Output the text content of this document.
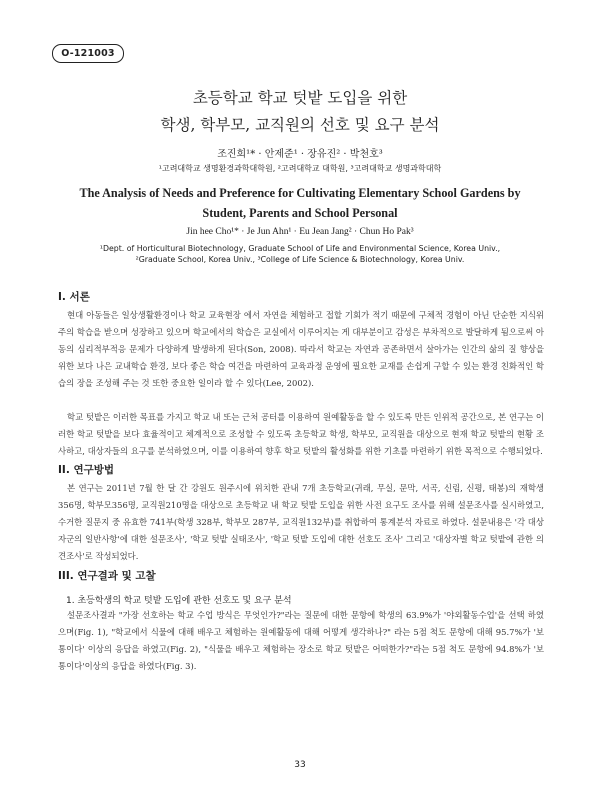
O-121003
초등학교 학교 텃밭 도입을 위한
학생, 학부모, 교직원의 선호 및 요구 분석
조진희¹* · 안제준¹ · 장유진² · 박천호³
¹고려대학교 생명환경과학대학원, ²고려대학교 대학원, ³고려대학교 생명과학대학
The Analysis of Needs and Preference for Cultivating Elementary School Gardens by
Student, Parents and School Personal
Jin hee Cho¹* · Je Jun Ahn¹ · Eu Jean Jang² · Chun Ho Pak³
¹Dept. of Horticultural Biotechnology, Graduate School of Life and Environmental Science, Korea Univ.,
²Graduate School, Korea Univ., ³College of Life Science & Biotechnology, Korea Univ.
I. 서론

현대 아동들은 일상생활환경이나 학교 교육현장 에서 자연을 체험하고 접할 기회가 적기 때문에 구체적 경험이 아닌 단순한 지식위주의 학습을 받으며 성장하고 있으며 학교에서의 학습은 교실에서 이루어지는 게 대부분이고 감성은 부차적으로 발달하게 됨으로써 아동의 심리적부적응 문제가 다양하게 발생하게 된다(Son, 2008). 따라서 학교는 자연과 공존하면서 살아가는 인간의 삶의 질 향상을 위한 보다 나은 교내학습 환경, 보다 좋은 학습 여건을 마련하여 교육과정 운영에 필요한 교재를 손쉽게 구할 수 있는 환경 친화적인 학습의 장을 조성해 주는 것 또한 중요한 일이라 할 수 있다(Lee, 2002).

학교 텃밭은 이러한 목표를 가지고 학교 내 또는 근처 공터를 이용하여 원예활동을 할 수 있도록 만든 인위적 공간으로, 본 연구는 이러한 학교 텃밭을 보다 효율적이고 체계적으로 조성할 수 있도록 초등학교 학생, 학부모, 교직원을 대상으로 현재 학교 텃밭의 현황 조사하고, 대상자들의 요구를 분석하였으며, 이를 이용하여 향후 학교 텃밭의 활성화를 위한 기초를 마련하기 위한 목적으로 수행되었다.

II. 연구방법

본 연구는 2011년 7월 한 달 간 강원도 원주시에 위치한 관내 7개 초등학교(귀래, 무실, 문막, 서곡, 신림, 신평, 태봉)의 재학생 356명, 학부모356명, 교직원210명을 대상으로 초등학교 내 학교 텃밭 도입을 위한 사전 요구도 조사를 위해 설문조사를 실시하였고, 수거한 질문지 중 유효한 741부(학생 328부, 학부모 287부, 교직원132부)를 취합하여 통계분석 자료로 하였다. 설문내용은 '각 대상자군의 일반사항'에 대한 설문조사', '학교 텃밭 실태조사', '학교 텃밭 도입에 대한 선호도 조사' 그리고 '대상자별 학교 텃밭에 관한 의견조사'로 작성되었다.

III. 연구결과 및 고찰
1. 초등학생의 학교 텃밭 도입에 관한 선호도 및 요구 분석

설문조사결과 "가장 선호하는 학교 수업 방식은 무엇인가?"라는 질문에 대한 문항에 학생의 63.9%가 '야외활동수업'을 선택 하였으며(Fig. 1), "학교에서 식물에 대해 배우고 체험하는 원예활동에 대해 어떻게 생각하나?" 라는 5점 척도 문항에 대해 95.7%가 '보통이다' 이상의 응답을 하였고(Fig. 2), "식물을 배우고 체험하는 장소로 학교 텃밭은 어떠한가?"라는 5점 척도 문항에 94.8%가 '보통이다'이상의 응답을 하였다(Fig. 3).

33
